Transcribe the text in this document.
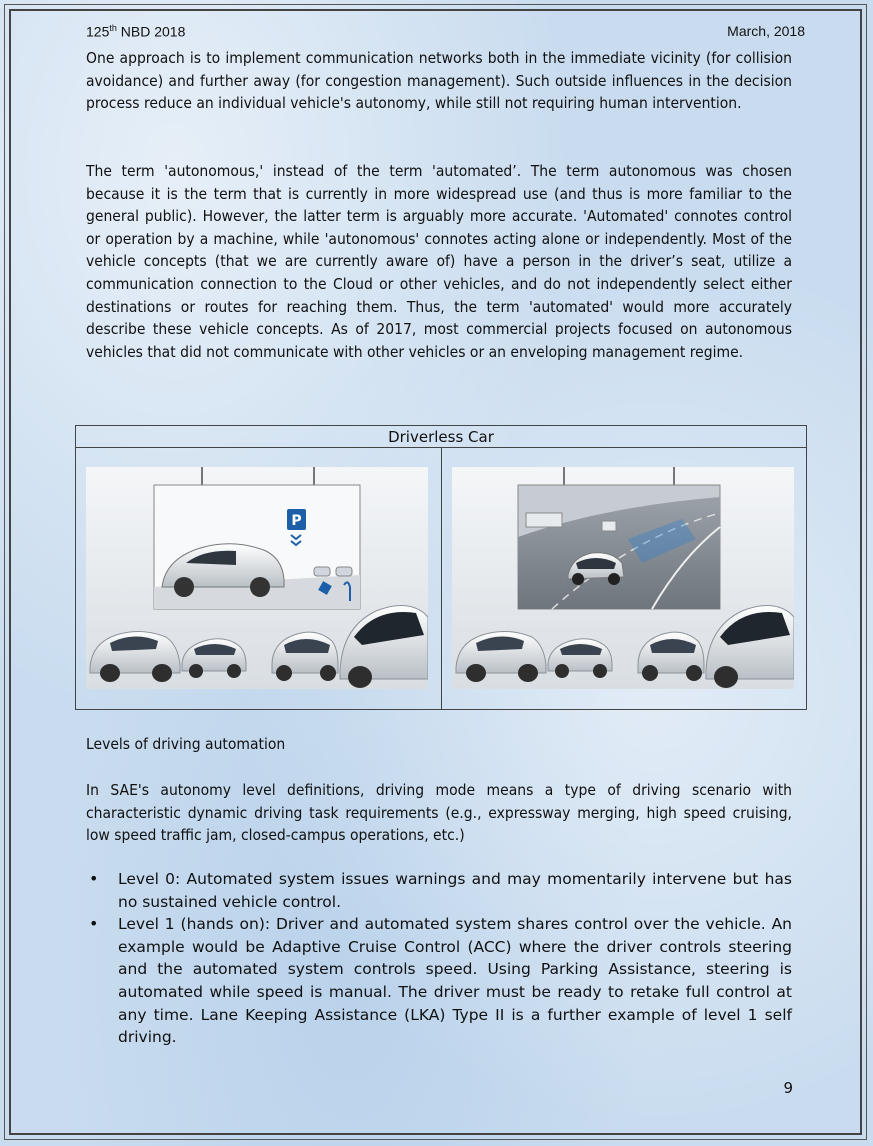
125th NBD 2018	March, 2018

One approach is to implement communication networks both in the immediate vicinity (for collision avoidance) and further away (for congestion management). Such outside influences in the decision process reduce an individual vehicle's autonomy, while still not requiring human intervention.

The term 'autonomous,' instead of the term 'automated’. The term autonomous was chosen because it is the term that is currently in more widespread use (and thus is more familiar to the general public). However, the latter term is arguably more accurate. 'Automated' connotes control or operation by a machine, while 'autonomous' connotes acting alone or independently. Most of the vehicle concepts (that we are currently aware of) have a person in the driver’s seat, utilize a communication connection to the Cloud or other vehicles, and do not independently select either destinations or routes for reaching them. Thus, the term 'automated' would more accurately describe these vehicle concepts. As of 2017, most commercial projects focused on autonomous vehicles that did not communicate with other vehicles or an enveloping management regime.

Driverless Car

P

Levels of driving automation

In SAE's autonomy level definitions, driving mode means a type of driving scenario with characteristic dynamic driving task requirements (e.g., expressway merging, high speed cruising, low speed traffic jam, closed-campus operations, etc.)

• Level 0: Automated system issues warnings and may momentarily intervene but has no sustained vehicle control.
• Level 1 (hands on): Driver and automated system shares control over the vehicle. An example would be Adaptive Cruise Control (ACC) where the driver controls steering and the automated system controls speed. Using Parking Assistance, steering is automated while speed is manual. The driver must be ready to retake full control at any time. Lane Keeping Assistance (LKA) Type II is a further example of level 1 self driving.
9
